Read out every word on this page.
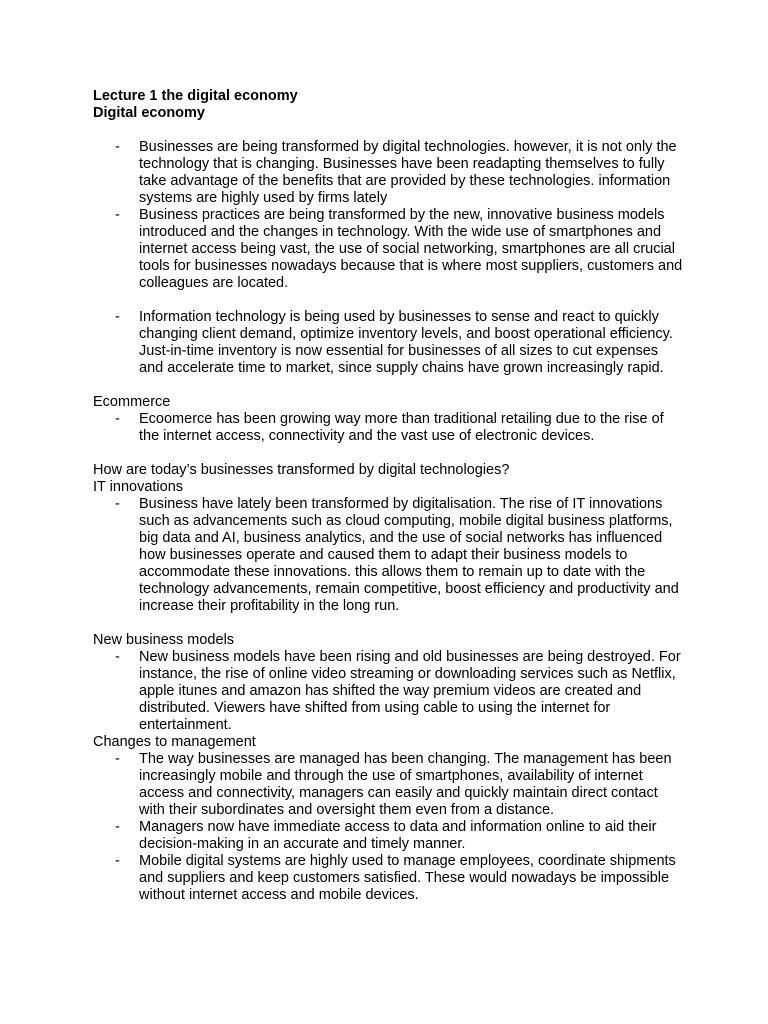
Lecture 1 the digital economy

Digital economy

- Businesses are being transformed by digital technologies. however, it is not only the technology that is changing. Businesses have been readapting themselves to fully take advantage of the benefits that are provided by these technologies. information systems are highly used by firms lately
- Business practices are being transformed by the new, innovative business models introduced and the changes in technology. With the wide use of smartphones and internet access being vast, the use of social networking, smartphones are all crucial tools for businesses nowadays because that is where most suppliers, customers and colleagues are located.
- Information technology is being used by businesses to sense and react to quickly changing client demand, optimize inventory levels, and boost operational efficiency. Just-in-time inventory is now essential for businesses of all sizes to cut expenses and accelerate time to market, since supply chains have grown increasingly rapid.

Ecommerce

- Ecoomerce has been growing way more than traditional retailing due to the rise of the internet access, connectivity and the vast use of electronic devices.

How are today’s businesses transformed by digital technologies?

IT innovations

- Business have lately been transformed by digitalisation. The rise of IT innovations such as advancements such as cloud computing, mobile digital business platforms, big data and AI, business analytics, and the use of social networks has influenced how businesses operate and caused them to adapt their business models to accommodate these innovations. this allows them to remain up to date with the technology advancements, remain competitive, boost efficiency and productivity and increase their profitability in the long run.

New business models

- New business models have been rising and old businesses are being destroyed. For instance, the rise of online video streaming or downloading services such as Netflix, apple itunes and amazon has shifted the way premium videos are created and distributed. Viewers have shifted from using cable to using the internet for entertainment.

Changes to management

- The way businesses are managed has been changing. The management has been increasingly mobile and through the use of smartphones, availability of internet access and connectivity, managers can easily and quickly maintain direct contact with their subordinates and oversight them even from a distance.
- Managers now have immediate access to data and information online to aid their decision-making in an accurate and timely manner.
- Mobile digital systems are highly used to manage employees, coordinate shipments and suppliers and keep customers satisfied. These would nowadays be impossible without internet access and mobile devices.
